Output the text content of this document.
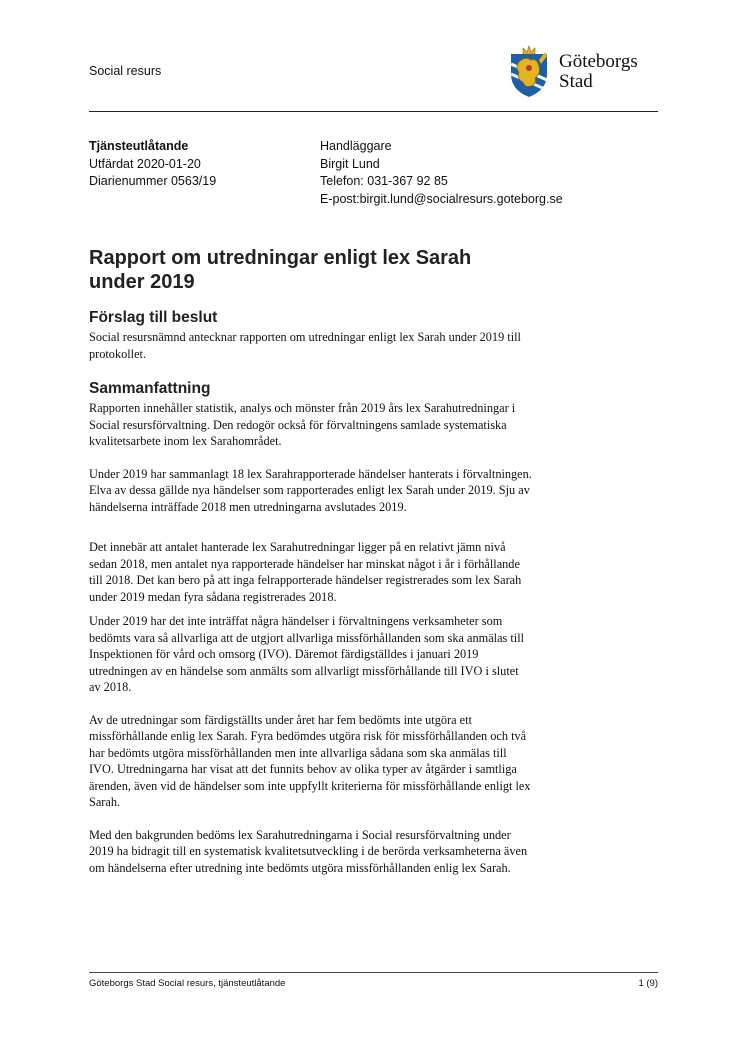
Social resurs	Göteborgs
Stad
Tjänsteutlåtande
Utfärdat 2020-01-20
Diarienummer 0563/19
Handläggare
Birgit Lund
Telefon: 031-367 92 85
E-post:birgit.lund@socialresurs.goteborg.se
Rapport om utredningar enligt lex Sarah
under 2019
Förslag till beslut

Social resursnämnd antecknar rapporten om utredningar enligt lex Sarah under 2019 till
protokollet.

Sammanfattning

Rapporten innehåller statistik, analys och mönster från 2019 års lex Sarahutredningar i
Social resursförvaltning. Den redogör också för förvaltningens samlade systematiska
kvalitetsarbete inom lex Sarahområdet.

Under 2019 har sammanlagt 18 lex Sarahrapporterade händelser hanterats i förvaltningen.
Elva av dessa gällde nya händelser som rapporterades enligt lex Sarah under 2019. Sju av
händelserna inträffade 2018 men utredningarna avslutades 2019.

Det innebär att antalet hanterade lex Sarahutredningar ligger på en relativt jämn nivå
sedan 2018, men antalet nya rapporterade händelser har minskat något i år i förhållande
till 2018. Det kan bero på att inga felrapporterade händelser registrerades som lex Sarah
under 2019 medan fyra sådana registrerades 2018.

Under 2019 har det inte inträffat några händelser i förvaltningens verksamheter som
bedömts vara så allvarliga att de utgjort allvarliga missförhållanden som ska anmälas till
Inspektionen för vård och omsorg (IVO). Däremot färdigställdes i januari 2019
utredningen av en händelse som anmälts som allvarligt missförhållande till IVO i slutet
av 2018.

Av de utredningar som färdigställts under året har fem bedömts inte utgöra ett
missförhållande enlig lex Sarah. Fyra bedömdes utgöra risk för missförhållanden och två
har bedömts utgöra missförhållanden men inte allvarliga sådana som ska anmälas till
IVO. Utredningarna har visat att det funnits behov av olika typer av åtgärder i samtliga
ärenden, även vid de händelser som inte uppfyllt kriterierna för missförhållande enligt lex
Sarah.

Med den bakgrunden bedöms lex Sarahutredningarna i Social resursförvaltning under
2019 ha bidragit till en systematisk kvalitetsutveckling i de berörda verksamheterna även
om händelserna efter utredning inte bedömts utgöra missförhållanden enlig lex Sarah.

Göteborgs Stad Social resurs, tjänsteutlåtande	1 (9)
